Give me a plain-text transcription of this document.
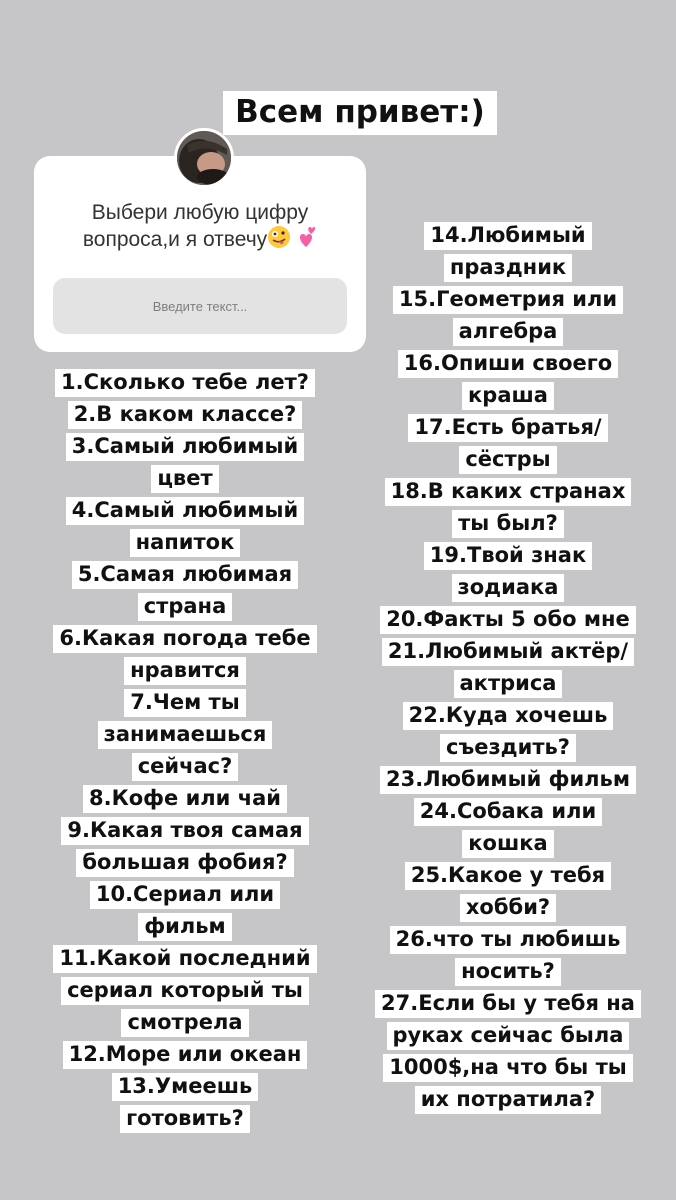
Всем привет:)
Выбери любую цифру
вопроса,и я отвечу
Введите текст...

1.Сколько тебе лет?

2.В каком классе?

3.Самый любимый
цвет

4.Самый любимый
напиток

5.Самая любимая
страна

6.Какая погода тебе
нравится

7.Чем ты
занимаешься
сейчас?

8.Кофе или чай

9.Какая твоя самая
большая фобия?

10.Сериал или
фильм

11.Какой последний
сериал который ты
смотрела

12.Море или океан

13.Умеешь
готовить?

14.Любимый
праздник

15.Геометрия или
алгебра

16.Опиши своего
краша

17.Есть братья/
сёстры

18.В каких странах
ты был?

19.Твой знак
зодиака

20.Факты 5 обо мне

21.Любимый актёр/
актриса

22.Куда хочешь
съездить?

23.Любимый фильм

24.Собака или
кошка

25.Какое у тебя
хобби?

26.что ты любишь
носить?

27.Если бы у тебя на
руках сейчас была
1000$,на что бы ты
их потратила?
